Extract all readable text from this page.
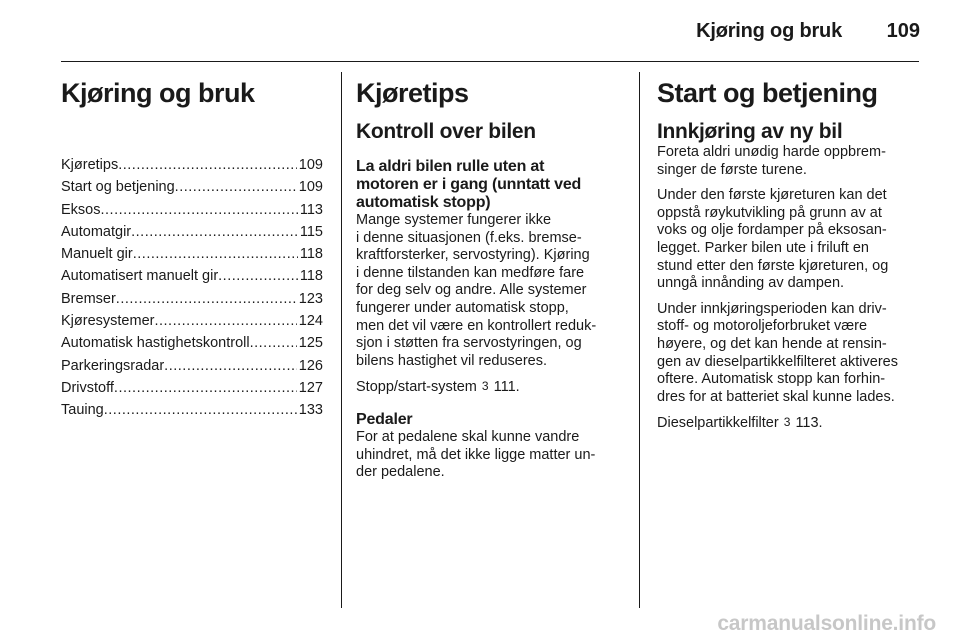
Kjøring og bruk	109
Kjøring og bruk
Kjøretips .....	109
Start og betjening .....	109
Eksos .....	113
Automatgir .....	115
Manuelt gir .....	118
Automatisert manuelt gir .....	118
Bremser .....	123
Kjøresystemer .....	124
Automatisk hastighetskontroll .....	125
Parkeringsradar .....	126
Drivstoff .....	127
Tauing .....	133
Kjøretips
Kontroll over bilen
La aldri bilen rulle uten at
motoren er i gang (unntatt ved
automatisk stopp)

Mange systemer fungerer ikke
i denne situasjonen (f.eks. bremse-
kraftforsterker, servostyring). Kjøring
i denne tilstanden kan medføre fare
for deg selv og andre. Alle systemer
fungerer under automatisk stopp,
men det vil være en kontrollert reduk-
sjon i støtten fra servostyringen, og
bilens hastighet vil reduseres.

Stopp/start-system 3 111.

Pedaler

For at pedalene skal kunne vandre
uhindret, må det ikke ligge matter un-
der pedalene.

Start og betjening
Innkjøring av ny bil

Foreta aldri unødig harde oppbrem-
singer de første turene.

Under den første kjøreturen kan det
oppstå røykutvikling på grunn av at
voks og olje fordamper på eksosan-
legget. Parker bilen ute i friluft en
stund etter den første kjøreturen, og
unngå innånding av dampen.

Under innkjøringsperioden kan driv-
stoff- og motoroljeforbruket være
høyere, og det kan hende at rensin-
gen av dieselpartikkelfilteret aktiveres
oftere. Automatisk stopp kan forhin-
dres for at batteriet skal kunne lades.

Dieselpartikkelfilter 3 113.

carmanualsonline.info
